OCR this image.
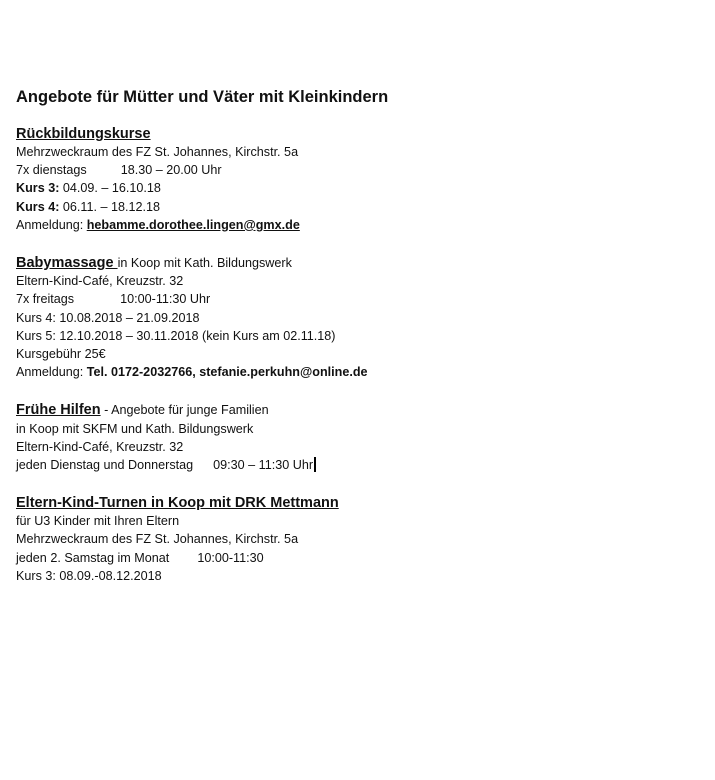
Angebote für Mütter und Väter mit Kleinkindern
Rückbildungskurse
Mehrzweckraum des FZ St. Johannes, Kirchstr. 5a
7x dienstags	18.30 – 20.00 Uhr
Kurs 3: 04.09. – 16.10.18
Kurs 4: 06.11. – 18.12.18
Anmeldung: hebamme.dorothee.lingen@gmx.de
Babymassage in Koop mit Kath. Bildungswerk
Eltern-Kind-Café, Kreuzstr. 32
7x freitags	10:00-11:30 Uhr
Kurs 4: 10.08.2018 – 21.09.2018
Kurs 5: 12.10.2018 – 30.11.2018 (kein Kurs am 02.11.18)
Kursgebühr 25€
Anmeldung: Tel. 0172-2032766, stefanie.perkuhn@online.de
Frühe Hilfen - Angebote für junge Familien
in Koop mit SKFM und Kath. Bildungswerk
Eltern-Kind-Café, Kreuzstr. 32
jeden Dienstag und Donnerstag 09:30 – 11:30 Uhr
Eltern-Kind-Turnen in Koop mit DRK Mettmann
für U3 Kinder mit Ihren Eltern
Mehrzweckraum des FZ St. Johannes, Kirchstr. 5a
jeden 2. Samstag im Monat 10:00-11:30
Kurs 3: 08.09.-08.12.2018
